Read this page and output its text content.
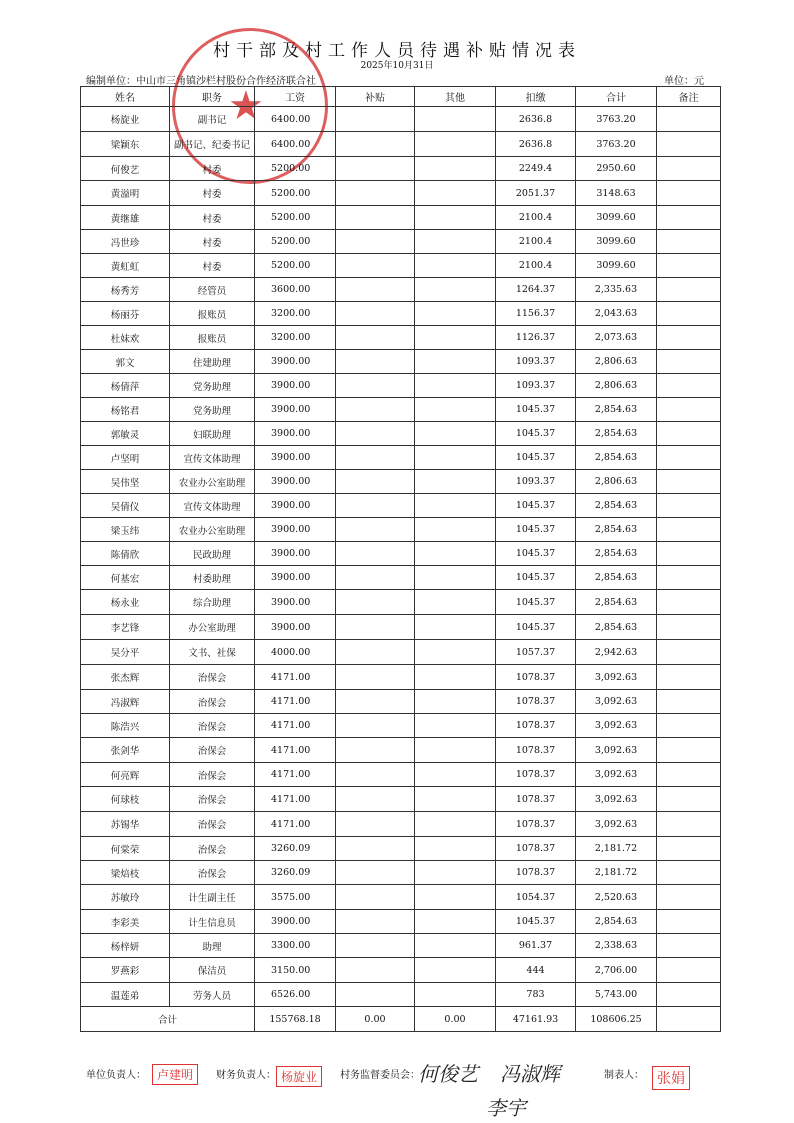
村干部及村工作人员待遇补贴情况表
2025年10月31日
编制单位：中山市三角镇沙栏村股份合作经济联合社	单位：元
★
姓名	职务	工资	补贴	其他	扣缴	合计	备注
杨旋业	副书记	6400.00			2636.8	3763.20	
梁颖东	副书记、纪委书记	6400.00			2636.8	3763.20	
何俊艺	村委	5200.00			2249.4	2950.60	
黄溢明	村委	5200.00			2051.37	3148.63	
黄继雄	村委	5200.00			2100.4	3099.60	
冯世珍	村委	5200.00			2100.4	3099.60	
黄虹虹	村委	5200.00			2100.4	3099.60	
杨秀芳	经管员	3600.00			1264.37	2,335.63	
杨丽芬	报账员	3200.00			1156.37	2,043.63	
杜妹欢	报账员	3200.00			1126.37	2,073.63	
郭文	住建助理	3900.00			1093.37	2,806.63	
杨倩萍	党务助理	3900.00			1093.37	2,806.63	
杨铭君	党务助理	3900.00			1045.37	2,854.63	
郭敏灵	妇联助理	3900.00			1045.37	2,854.63	
卢坚明	宣传文体助理	3900.00			1045.37	2,854.63	
吴伟坚	农业办公室助理	3900.00			1093.37	2,806.63	
吴倩仪	宣传文体助理	3900.00			1045.37	2,854.63	
梁玉纬	农业办公室助理	3900.00			1045.37	2,854.63	
陈倩欣	民政助理	3900.00			1045.37	2,854.63	
何基宏	村委助理	3900.00			1045.37	2,854.63	
杨永业	综合助理	3900.00			1045.37	2,854.63	
李艺锋	办公室助理	3900.00			1045.37	2,854.63	
吴分平	文书、社保	4000.00			1057.37	2,942.63	
张杰辉	治保会	4171.00			1078.37	3,092.63	
冯淑辉	治保会	4171.00			1078.37	3,092.63	
陈浩兴	治保会	4171.00			1078.37	3,092.63	
张剑华	治保会	4171.00			1078.37	3,092.63	
何亮辉	治保会	4171.00			1078.37	3,092.63	
何球枝	治保会	4171.00			1078.37	3,092.63	
苏锡华	治保会	4171.00			1078.37	3,092.63	
何棠荣	治保会	3260.09			1078.37	2,181.72	
梁焙枝	治保会	3260.09			1078.37	2,181.72	
苏敏玲	计生副主任	3575.00			1054.37	2,520.63	
李彩美	计生信息员	3900.00			1045.37	2,854.63	
杨梓妍	助理	3300.00			961.37	2,338.63	
罗燕彩	保洁员	3150.00			444	2,706.00	
温莲弟	劳务人员	6526.00			783	5,743.00	
合计		155768.18	0.00	0.00	47161.93	108606.25	
单位负责人： 卢建明	财务负责人： 杨旋业	村务监督委员会：
何俊艺 冯淑辉
李宇
制表人： 张娟
